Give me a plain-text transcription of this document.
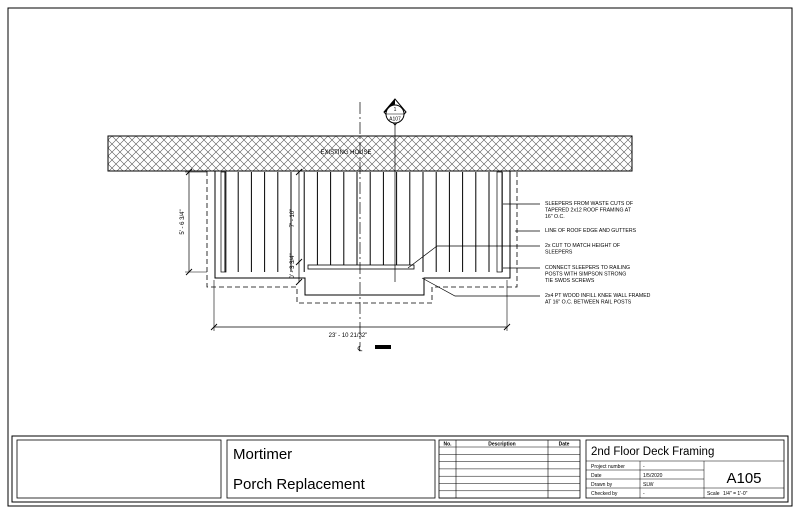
EXISTING HOUSE
℄
1
A107
23' - 10 21/32"
5' - 6 3/4"	7' - 10"
0' - 3 3/4"
SLEEPERS FROM WASTE CUTS OF
TAPERED 2x12 ROOF FRAMING AT
16" O.C.
LINE OF ROOF EDGE AND GUTTERS
2x CUT TO MATCH HEIGHT OF
SLEEPERS
CONNECT SLEEPERS TO RAILING
POSTS WITH SIMPSON STRONG
TIE SWDS SCREWS
2x4 PT WOOD INFILL KNEE WALL FRAMED
AT 16" O.C. BETWEEN RAIL POSTS
Mortimer
Porch Replacement
No.	Description	Date
2nd Floor Deck Framing
Project number	-
Date	1/5/2020
Drawn by	SLW
Checked by	-
A105
Scale 1/4" = 1'-0"
